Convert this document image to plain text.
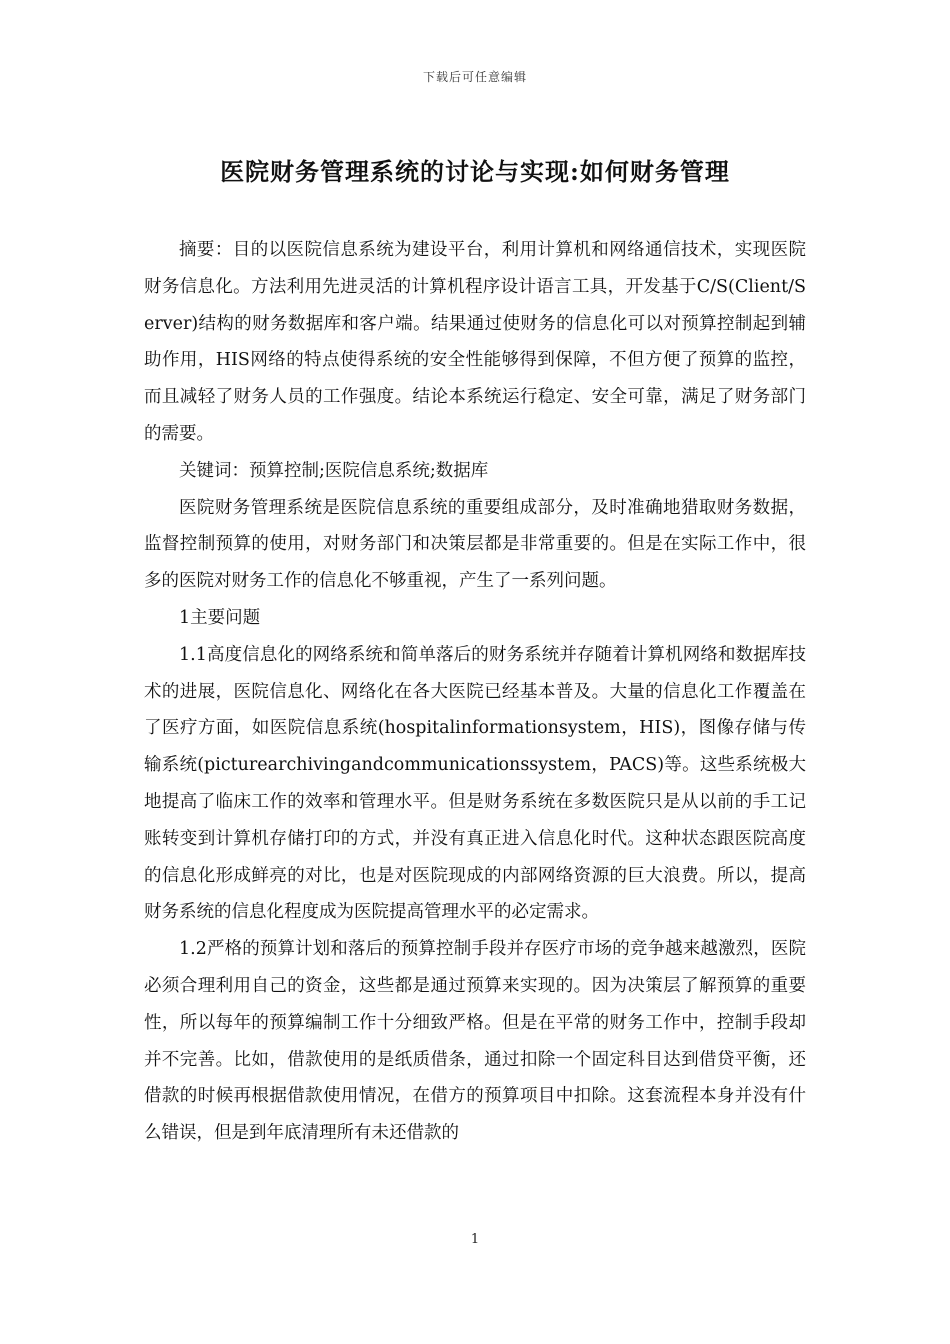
下载后可任意编辑
医院财务管理系统的讨论与实现:如何财务管理

摘要：目的以医院信息系统为建设平台，利用计算机和网络通信技术，实现医院财务信息化。方法利用先进灵活的计算机程序设计语言工具，开发基于C/S(Client/Server)结构的财务数据库和客户端。结果通过使财务的信息化可以对预算控制起到辅助作用，HIS网络的特点使得系统的安全性能够得到保障，不但方便了预算的监控，而且减轻了财务人员的工作强度。结论本系统运行稳定、安全可靠，满足了财务部门的需要。

关键词：预算控制;医院信息系统;数据库

医院财务管理系统是医院信息系统的重要组成部分，及时准确地猎取财务数据，监督控制预算的使用，对财务部门和决策层都是非常重要的。但是在实际工作中，很多的医院对财务工作的信息化不够重视，产生了一系列问题。

1主要问题

1.1高度信息化的网络系统和简单落后的财务系统并存随着计算机网络和数据库技术的进展，医院信息化、网络化在各大医院已经基本普及。大量的信息化工作覆盖在了医疗方面，如医院信息系统(hospitalinformationsystem，HIS)，图像存储与传输系统(picturearchivingandcommunicationssystem，PACS)等。这些系统极大地提高了临床工作的效率和管理水平。但是财务系统在多数医院只是从以前的手工记账转变到计算机存储打印的方式，并没有真正进入信息化时代。这种状态跟医院高度的信息化形成鲜亮的对比，也是对医院现成的内部网络资源的巨大浪费。所以，提高财务系统的信息化程度成为医院提高管理水平的必定需求。

1.2严格的预算计划和落后的预算控制手段并存医疗市场的竞争越来越激烈，医院必须合理利用自己的资金，这些都是通过预算来实现的。因为决策层了解预算的重要性，所以每年的预算编制工作十分细致严格。但是在平常的财务工作中，控制手段却并不完善。比如，借款使用的是纸质借条，通过扣除一个固定科目达到借贷平衡，还借款的时候再根据借款使用情况，在借方的预算项目中扣除。这套流程本身并没有什么错误，但是到年底清理所有未还借款的

1
